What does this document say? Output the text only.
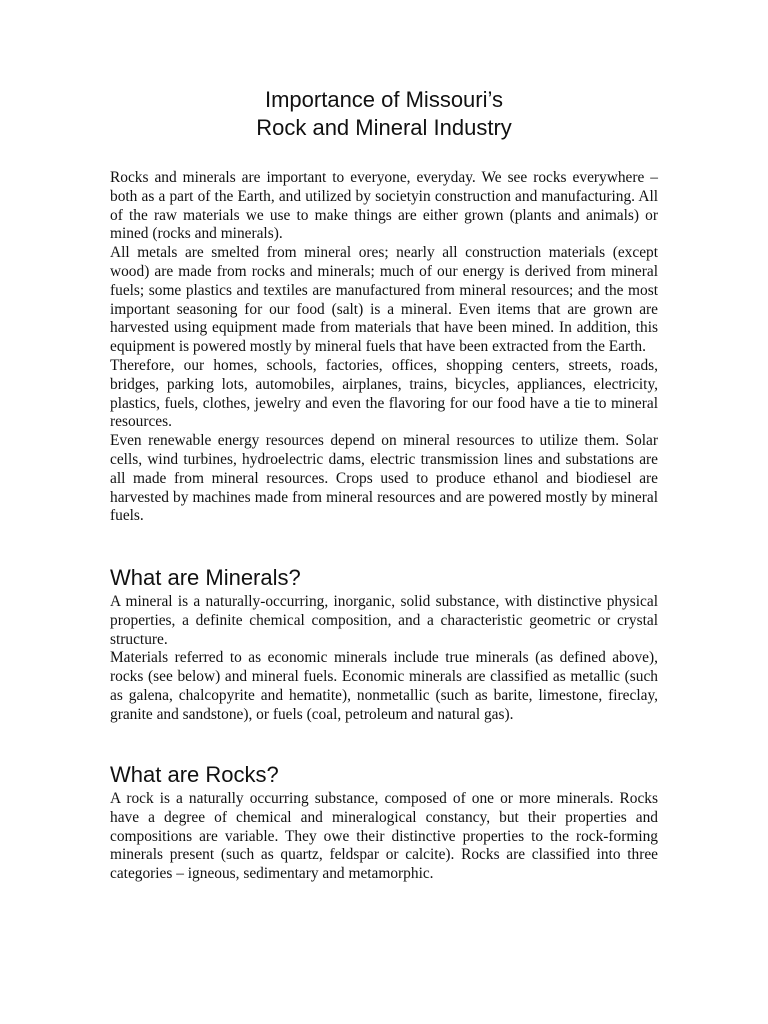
Importance of Missouri’s
Rock and Mineral Industry

Rocks and minerals are important to everyone, everyday. We see rocks everywhere – both as a part of the Earth, and utilized by societyin construction and manufacturing. All of the raw materials we use to make things are either grown (plants and animals) or mined (rocks and minerals).

All metals are smelted from mineral ores; nearly all construction materials (except wood) are made from rocks and minerals; much of our energy is derived from mineral fuels; some plastics and textiles are manufactured from mineral resources; and the most important seasoning for our food (salt) is a mineral. Even items that are grown are harvested using equipment made from materials that have been mined. In addition, this equipment is powered mostly by mineral fuels that have been extracted from the Earth.

Therefore, our homes, schools, factories, offices, shopping centers, streets, roads, bridges, parking lots, automobiles, airplanes, trains, bicycles, appliances, electricity, plastics, fuels, clothes, jewelry and even the flavoring for our food have a tie to mineral resources.

Even renewable energy resources depend on mineral resources to utilize them. Solar cells, wind turbines, hydroelectric dams, electric transmission lines and substations are all made from mineral resources. Crops used to produce ethanol and biodiesel are harvested by machines made from mineral resources and are powered mostly by mineral fuels.

What are Minerals?

A mineral is a naturally-occurring, inorganic, solid substance, with distinctive physical properties, a definite chemical composition, and a characteristic geometric or crystal structure.

Materials referred to as economic minerals include true minerals (as defined above), rocks (see below) and mineral fuels. Economic minerals are classified as metallic (such as galena, chalcopyrite and hematite), nonmetallic (such as barite, limestone, fireclay, granite and sandstone), or fuels (coal, petroleum and natural gas).

What are Rocks?

A rock is a naturally occurring substance, composed of one or more minerals. Rocks have a degree of chemical and mineralogical constancy, but their properties and compositions are variable. They owe their distinctive properties to the rock-forming minerals present (such as quartz, feldspar or calcite). Rocks are classified into three categories – igneous, sedimentary and metamorphic.
